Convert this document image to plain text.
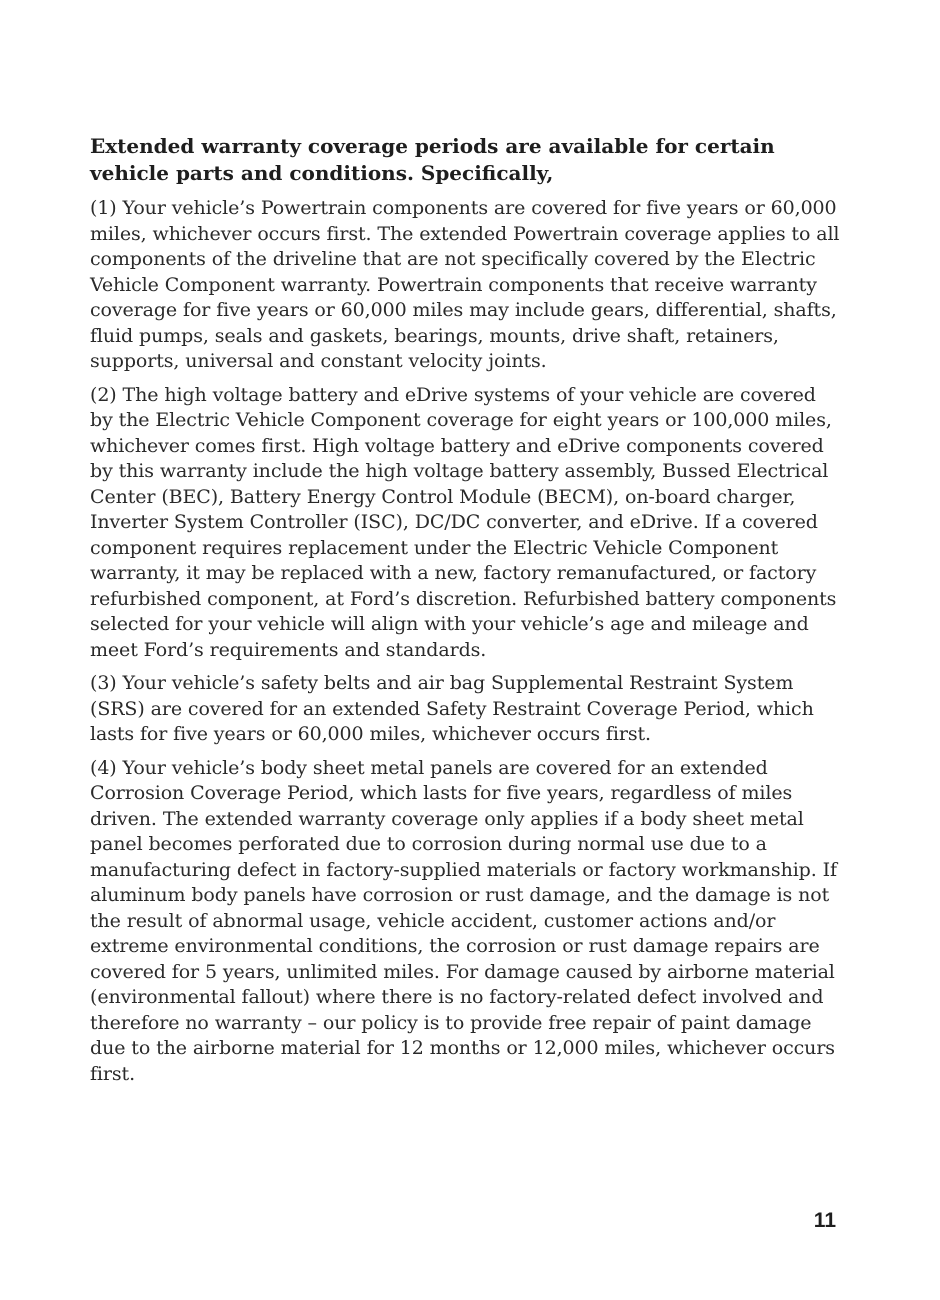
Extended warranty coverage periods are available for certain vehicle parts and conditions. Specifically,

(1) Your vehicle’s Powertrain components are covered for five years or 60,000 miles, whichever occurs first. The extended Powertrain coverage applies to all components of the driveline that are not specifically covered by the Electric Vehicle Component warranty. Powertrain components that receive warranty coverage for five years or 60,000 miles may include gears, differential, shafts, fluid pumps, seals and gaskets, bearings, mounts, drive shaft, retainers, supports, universal and constant velocity joints.

(2) The high voltage battery and eDrive systems of your vehicle are covered by the Electric Vehicle Component coverage for eight years or 100,000 miles, whichever comes first. High voltage battery and eDrive components covered by this warranty include the high voltage battery assembly, Bussed Electrical Center (BEC), Battery Energy Control Module (BECM), on-board charger, Inverter System Controller (ISC), DC/DC converter, and eDrive. If a covered component requires replacement under the Electric Vehicle Component warranty, it may be replaced with a new, factory remanufactured, or factory refurbished component, at Ford’s discretion. Refurbished battery components selected for your vehicle will align with your vehicle’s age and mileage and meet Ford’s requirements and standards.

(3) Your vehicle’s safety belts and air bag Supplemental Restraint System (SRS) are covered for an extended Safety Restraint Coverage Period, which lasts for five years or 60,000 miles, whichever occurs first.

(4) Your vehicle’s body sheet metal panels are covered for an extended Corrosion Coverage Period, which lasts for five years, regardless of miles driven. The extended warranty coverage only applies if a body sheet metal panel becomes perforated due to corrosion during normal use due to a manufacturing defect in factory-supplied materials or factory workmanship. If aluminum body panels have corrosion or rust damage, and the damage is not the result of abnormal usage, vehicle accident, customer actions and/or extreme environmental conditions, the corrosion or rust damage repairs are covered for 5 years, unlimited miles. For damage caused by airborne material (environmental fallout) where there is no factory-related defect involved and therefore no warranty – our policy is to provide free repair of paint damage due to the airborne material for 12 months or 12,000 miles, whichever occurs first.

11
